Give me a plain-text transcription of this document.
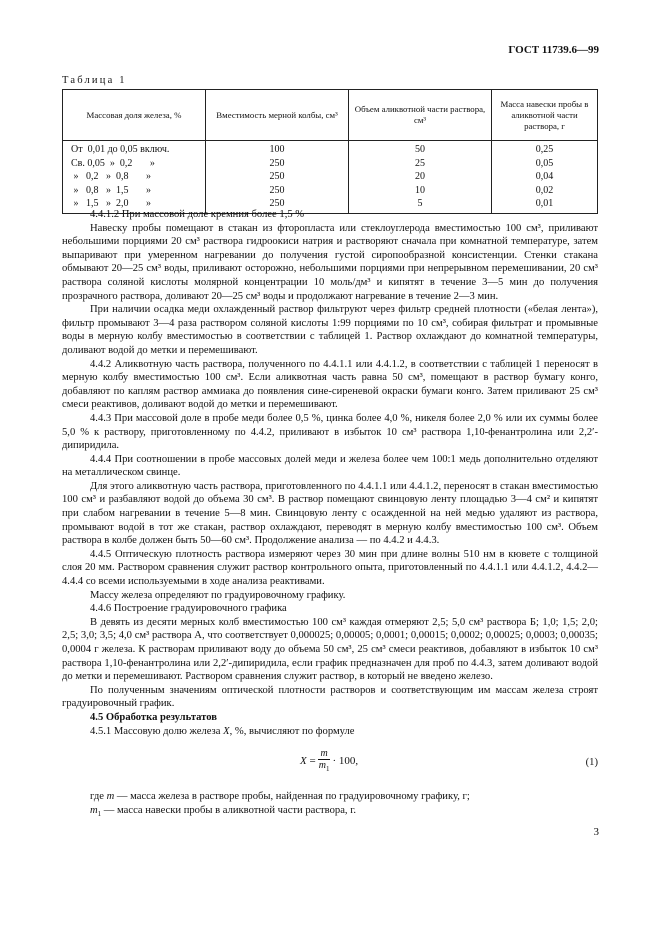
ГОСТ 11739.6—99
Таблица 1
Массовая доля железа, %	Вместимость мерной колбы, см³	Объем аликвотной части раствора, см³	Масса навески пробы в аликвотной части раствора, г
От  0,01 до 0,05 включ.	100	50	0,25
Св. 0,05  »  0,2       »	250	25	0,05
»   0,2   »  0,8       »	250	20	0,04
»   0,8   »  1,5       »	250	10	0,02
»   1,5   »  2,0       »	250	5	0,01

4.4.1.2 При массовой доле кремния более 1,5 %

Навеску пробы помещают в стакан из фторопласта или стеклоуглерода вместимостью 100 см³, приливают небольшими порциями 20 см³ раствора гидроокиси натрия и растворяют сначала при комнатной температуре, затем выпаривают при умеренном нагревании до получения густой сиропообразной консистенции. Стенки стакана обмывают 20—25 см³ воды, приливают осторожно, небольшими порциями при непрерывном перемешивании, 20 см³ раствора соляной кислоты молярной концентрации 10 моль/дм³ и кипятят в течение 3—5 мин до получения прозрачного раствора, доливают 20—25 см³ воды и продолжают нагревание в течение 2—3 мин.

При наличии осадка меди охлажденный раствор фильтруют через фильтр средней плотности («белая лента»), фильтр промывают 3—4 раза раствором соляной кислоты 1:99 порциями по 10 см³, собирая фильтрат и промывные воды в мерную колбу вместимостью в соответствии с таблицей 1. Раствор охлаждают до комнатной температуры, доливают водой до метки и перемешивают.

4.4.2 Аликвотную часть раствора, полученного по 4.4.1.1 или 4.4.1.2, в соответствии с таблицей 1 переносят в мерную колбу вместимостью 100 см³. Если аликвотная часть равна 50 см³, помещают в раствор бумагу конго, добавляют по каплям раствор аммиака до появления сине-сиреневой окраски бумаги конго. Затем приливают 25 см³ смеси реактивов, доливают водой до метки и перемешивают.

4.4.3 При массовой доле в пробе меди более 0,5 %, цинка более 4,0 %, никеля более 2,0 % или их суммы более 5,0 % к раствору, приготовленному по 4.4.2, приливают в избыток 10 см³ раствора 1,10-фенантролина или 2,2′-дипиридила.

4.4.4 При соотношении в пробе массовых долей меди и железа более чем 100:1 медь дополнительно отделяют на металлическом свинце.

Для этого аликвотную часть раствора, приготовленного по 4.4.1.1 или 4.4.1.2, переносят в стакан вместимостью 100 см³ и разбавляют водой до объема 30 см³. В раствор помещают свинцовую ленту площадью 3—4 см² и кипятят при слабом нагревании в течение 5—8 мин. Свинцовую ленту с осажденной на ней медью удаляют из раствора, промывают водой в тот же стакан, раствор охлаждают, переводят в мерную колбу вместимостью 100 см³. Объем раствора в колбе должен быть 50—60 см³. Продолжение анализа — по 4.4.2 и 4.4.3.

4.4.5 Оптическую плотность раствора измеряют через 30 мин при длине волны 510 нм в кювете с толщиной слоя 20 мм. Раствором сравнения служит раствор контрольного опыта, приготовленный по 4.4.1.1 или 4.4.1.2, 4.4.2—4.4.4 со всеми используемыми в ходе анализа реактивами.

Массу железа определяют по градуировочному графику.

4.4.6 Построение градуировочного графика

В девять из десяти мерных колб вместимостью 100 см³ каждая отмеряют 2,5; 5,0 см³ раствора Б; 1,0; 1,5; 2,0; 2,5; 3,0; 3,5; 4,0 см³ раствора А, что соответствует 0,000025; 0,00005; 0,0001; 0,00015; 0,0002; 0,00025; 0,0003; 0,00035; 0,0004 г железа. К растворам приливают воду до объема 50 см³, 25 см³ смеси реактивов, добавляют в избыток 10 см³ раствора 1,10-фенантролина или 2,2′-дипиридила, если график предназначен для проб по 4.4.3, затем доливают водой до метки и перемешивают. Раствором сравнения служит раствор, в который не введено железо.

По полученным значениям оптической плотности растворов и соответствующим им массам железа строят градуировочный график.

4.5 Обработка результатов

4.5.1 Массовую долю железа X, %, вычисляют по формуле

$X = \frac{m}{m_1} \cdot 100$,	(1)

где m — масса железа в растворе пробы, найденная по градуировочному графику, г;

$m_1$ — масса навески пробы в аликвотной части раствора, г.

3
